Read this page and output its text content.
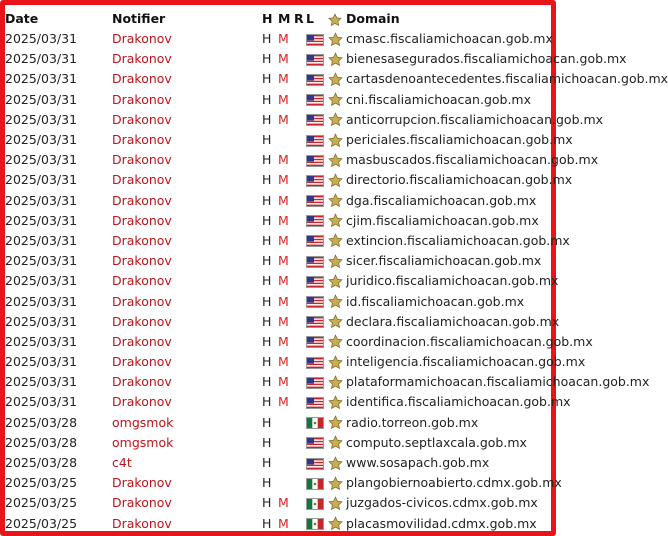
Date	Notifier	H	M	R	L		Domain
2025/03/31	Drakonov	H	M				cmasc.fiscaliamichoacan.gob.mx
2025/03/31	Drakonov	H	M				bienesasegurados.fiscaliamichoacan.gob.mx
2025/03/31	Drakonov	H	M				cartasdenoantecedentes.fiscaliamichoacan.gob.mx
2025/03/31	Drakonov	H	M				cni.fiscaliamichoacan.gob.mx
2025/03/31	Drakonov	H	M				anticorrupcion.fiscaliamichoacan.gob.mx
2025/03/31	Drakonov	H					periciales.fiscaliamichoacan.gob.mx
2025/03/31	Drakonov	H	M				masbuscados.fiscaliamichoacan.gob.mx
2025/03/31	Drakonov	H	M				directorio.fiscaliamichoacan.gob.mx
2025/03/31	Drakonov	H	M				dga.fiscaliamichoacan.gob.mx
2025/03/31	Drakonov	H	M				cjim.fiscaliamichoacan.gob.mx
2025/03/31	Drakonov	H	M				extincion.fiscaliamichoacan.gob.mx
2025/03/31	Drakonov	H	M				sicer.fiscaliamichoacan.gob.mx
2025/03/31	Drakonov	H	M				juridico.fiscaliamichoacan.gob.mx
2025/03/31	Drakonov	H	M				id.fiscaliamichoacan.gob.mx
2025/03/31	Drakonov	H	M				declara.fiscaliamichoacan.gob.mx
2025/03/31	Drakonov	H	M				coordinacion.fiscaliamichoacan.gob.mx
2025/03/31	Drakonov	H	M				inteligencia.fiscaliamichoacan.gob.mx
2025/03/31	Drakonov	H	M				plataformamichoacan.fiscaliamichoacan.gob.mx
2025/03/31	Drakonov	H	M				identifica.fiscaliamichoacan.gob.mx
2025/03/28	omgsmok	H					radio.torreon.gob.mx
2025/03/28	omgsmok	H					computo.septlaxcala.gob.mx
2025/03/28	c4t	H					www.sosapach.gob.mx
2025/03/25	Drakonov	H					plangobiernoabierto.cdmx.gob.mx
2025/03/25	Drakonov	H	M				juzgados-civicos.cdmx.gob.mx
2025/03/25	Drakonov	H	M				placasmovilidad.cdmx.gob.mx
